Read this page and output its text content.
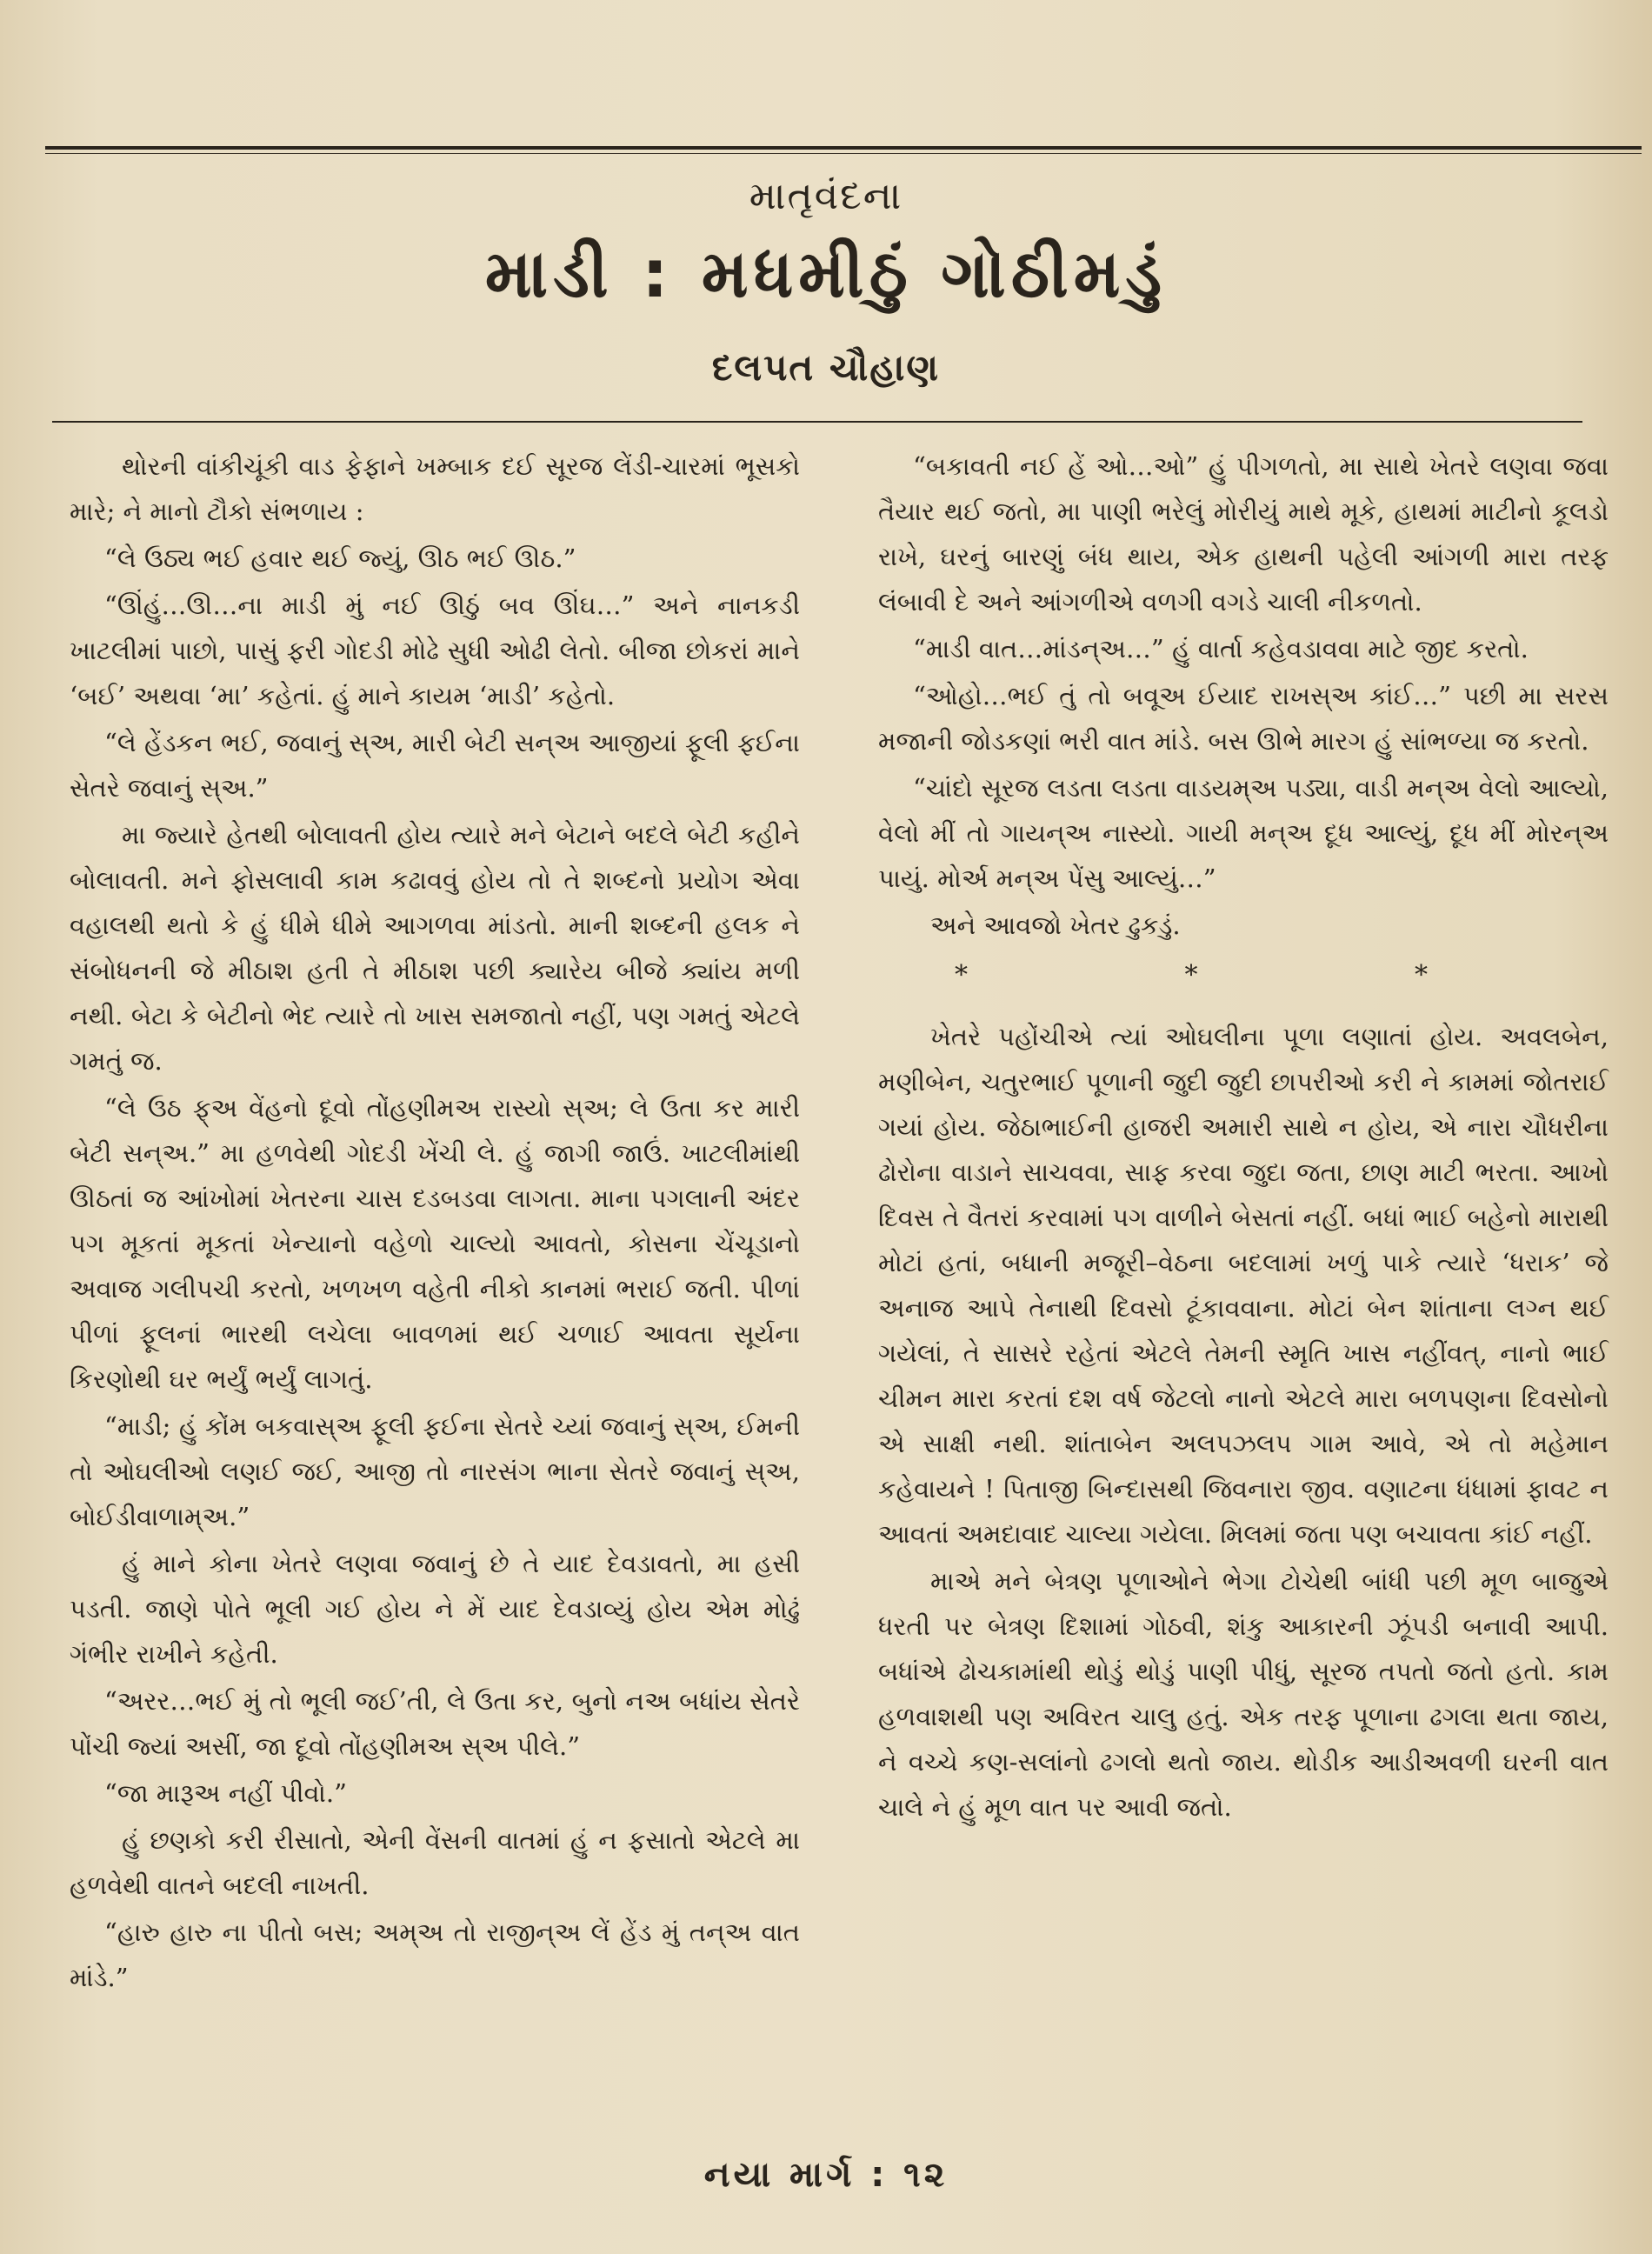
માતૃવંદના
માડી : મધમીઠું ગોઠીમડું
દલપત ચૌહાણ

થોરની વાંકીચૂંકી વાડ ફેફાને ખમ્બાક દઈ સૂરજ લેંડી-ચારમાં ભૂસકો મારે; ને માનો ટૌકો સંભળાય :

“લે ઉઠ્ય ભઈ હવાર થઈ જ્યું, ઊઠ ભઈ ઊઠ.”

“ઊંહું…ઊ…ના માડી મું નઈ ઊઠું બવ ઊંઘ…” અને નાનકડી ખાટલીમાં પાછો, પાસું ફરી ગોદડી મોઢે સુધી ઓઢી લેતો. બીજા છોકરાં માને ‘બઈ’ અથવા ‘મા’ કહેતાં. હું માને કાયમ ‘માડી’ કહેતો.

“લે હેંડકન ભઈ, જવાનું સ્અ, મારી બેટી સન્અ આજીયાં ફૂલી ફઈના સેતરે જવાનું સ્અ.”

મા જ્યારે હેતથી બોલાવતી હોય ત્યારે મને બેટાને બદલે બેટી કહીને બોલાવતી. મને ફોસલાવી કામ કઢાવવું હોય તો તે શબ્દનો પ્રયોગ એવા વહાલથી થતો કે હું ધીમે ધીમે આગળવા માંડતો. માની શબ્દની હલક ને સંબોધનની જે મીઠાશ હતી તે મીઠાશ પછી ક્યારેય બીજે ક્યાંય મળી નથી. બેટા કે બેટીનો ભેદ ત્યારે તો ખાસ સમજાતો નહીં, પણ ગમતું એટલે ગમતું જ.

“લે ઉઠ ફ્અ વેંહનો દૂવો તોંહણીમઅ રાસ્યો સ્અ; લે ઉતા કર મારી બેટી સન્અ.” મા હળવેથી ગોદડી ખેંચી લે. હું જાગી જાઉં. ખાટલીમાંથી ઊઠતાં જ આંખોમાં ખેતરના ચાસ દડબડવા લાગતા. માના પગલાની અંદર પગ મૂકતાં મૂકતાં ખેન્યાનો વહેળો ચાલ્યો આવતો, કોસના ચેંચૂડાનો અવાજ ગલીપચી કરતો, ખળખળ વહેતી નીકો કાનમાં ભરાઈ જતી. પીળાં પીળાં ફૂલનાં ભારથી લચેલા બાવળમાં થઈ ચળાઈ આવતા સૂર્યના કિરણોથી ઘર ભર્યું ભર્યું લાગતું.

“માડી; હું કોંમ બકવાસ્અ ફૂલી ફઈના સેતરે ચ્યાં જવાનું સ્અ, ઈમની તો ઓઘલીઓ લણઈ જઈ, આજી તો નારસંગ ભાના સેતરે જવાનું સ્અ, બોઈડીવાળામ્અ.”

હું માને કોના ખેતરે લણવા જવાનું છે તે યાદ દેવડાવતો, મા હસી પડતી. જાણે પોતે ભૂલી ગઈ હોય ને મેં યાદ દેવડાવ્યું હોય એમ મોઢું ગંભીર રાખીને કહેતી.

“અરર…ભઈ મું તો ભૂલી જઈ’તી, લે ઉતા કર, બુનો નઅ બધાંય સેતરે પોંચી જ્યાં અસીં, જા દૂવો તોંહણીમઅ સ્અ પીલે.”

“જા મારૂઅ નહીં પીવો.”

હું છણકો કરી રીસાતો, એની વેંસની વાતમાં હું ન ફસાતો એટલે મા હળવેથી વાતને બદલી નાખતી.

“હારુ હારુ ના પીતો બસ; અમ્અ તો રાજીન્અ લેં હેંડ મું તન્અ વાત માંડે.”

“બકાવતી નઈ હેં ઓ…ઓ” હું પીગળતો, મા સાથે ખેતરે લણવા જવા તૈયાર થઈ જતો, મા પાણી ભરેલું મોરીયું માથે મૂકે, હાથમાં માટીનો કૂલડો રાખે, ઘરનું બારણું બંધ થાય, એક હાથની પહેલી આંગળી મારા તરફ લંબાવી દે અને આંગળીએ વળગી વગડે ચાલી નીકળતો.

“માડી વાત…માંડન્અ…” હું વાર્તા કહેવડાવવા માટે જીદ કરતો.

“ઓહો…ભઈ તું તો બવૂઅ ઈયાદ રાખસ્અ કાંઈ…” પછી મા સરસ મજાની જોડકણાં ભરી વાત માંડે. બસ ઊભે મારગ હું સાંભળ્યા જ કરતો.

“ચાંદો સૂરજ લડતા લડતા વાડયમ્અ પડ્યા, વાડી મન્અ વેલો આલ્યો, વેલો મીં તો ગાયન્અ નાસ્યો. ગાયી મન્અ દૂધ આલ્યું, દૂધ મીં મોરન્અ પાયું. મોર્અ મન્અ પેંસુ આલ્યું…”

અને આવજો ખેતર ઢુકડું.

* * *

ખેતરે પહોંચીએ ત્યાં ઓઘલીના પૂળા લણાતાં હોય. અવલબેન, મણીબેન, ચતુરભાઈ પૂળાની જુદી જુદી છાપરીઓ કરી ને કામમાં જોતરાઈ ગયાં હોય. જેઠાભાઈની હાજરી અમારી સાથે ન હોય, એ નારા ચૌધરીના ઢોરોના વાડાને સાચવવા, સાફ કરવા જુદા જતા, છાણ માટી ભરતા. આખો દિવસ તે વૈતરાં કરવામાં પગ વાળીને બેસતાં નહીં. બધાં ભાઈ બહેનો મારાથી મોટાં હતાં, બધાની મજૂરી–વેઠના બદલામાં ખળું પાકે ત્યારે ‘ધરાક’ જે અનાજ આપે તેનાથી દિવસો ટૂંકાવવાના. મોટાં બેન શાંતાના લગ્ન થઈ ગયેલાં, તે સાસરે રહેતાં એટલે તેમની સ્મૃતિ ખાસ નહીંવત્, નાનો ભાઈ ચીમન મારા કરતાં દશ વર્ષ જેટલો નાનો એટલે મારા બળપણના દિવસોનો એ સાક્ષી નથી. શાંતાબેન અલપઝલપ ગામ આવે, એ તો મહેમાન કહેવાયને ! પિતાજી બિન્દાસથી જિવનારા જીવ. વણાટના ધંધામાં ફાવટ ન આવતાં અમદાવાદ ચાલ્યા ગયેલા. મિલમાં જતા પણ બચાવતા કાંઈ નહીં.

માએ મને બેત્રણ પૂળાઓને ભેગા ટોચેથી બાંધી પછી મૂળ બાજુએ ધરતી પર બેત્રણ દિશામાં ગોઠવી, શંકુ આકારની ઝૂંપડી બનાવી આપી. બધાંએ ઢોચકામાંથી થોડું થોડું પાણી પીધું, સૂરજ તપતો જતો હતો. કામ હળવાશથી પણ અવિરત ચાલુ હતું. એક તરફ પૂળાના ઢગલા થતા જાય, ને વચ્ચે કણ-સલાંનો ઢગલો થતો જાય. થોડીક આડીઅવળી ઘરની વાત ચાલે ને હું મૂળ વાત પર આવી જતો.

નયા માર્ગ : ૧૨
